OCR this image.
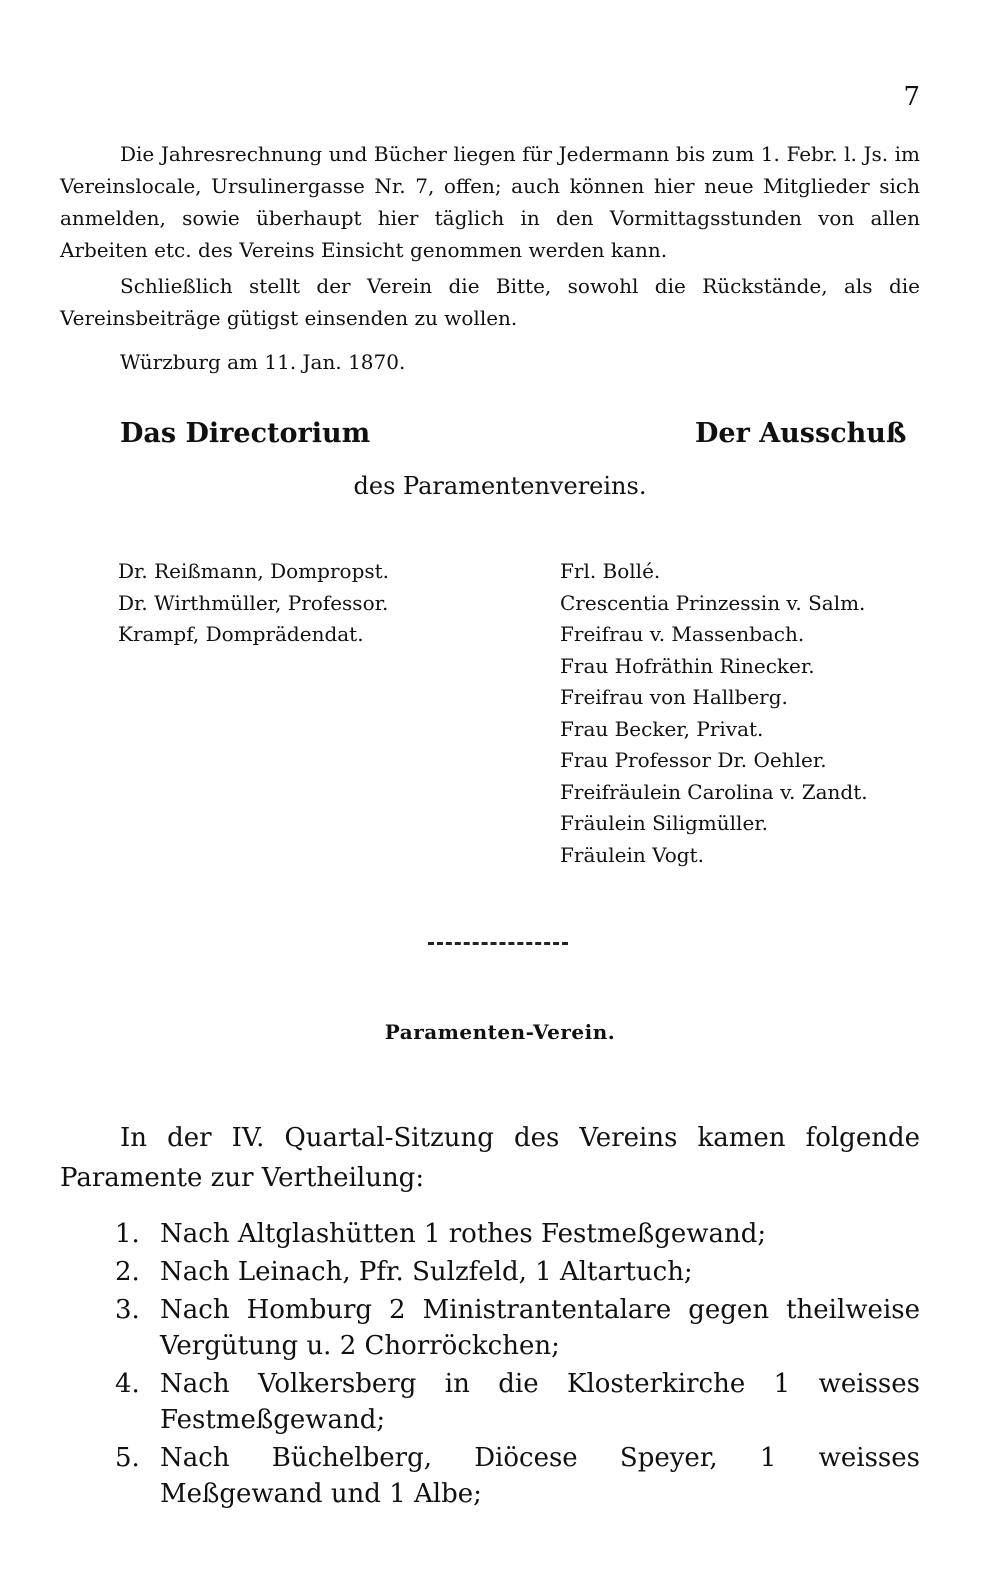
7

Die Jahresrechnung und Bücher liegen für Jedermann bis zum 1. Febr. l. Js. im Vereinslocale, Ursulinergasse Nr. 7, offen; auch können hier neue Mitglieder sich anmelden, sowie überhaupt hier täglich in den Vormittagsstunden von allen Arbeiten etc. des Vereins Einsicht genommen werden kann.

Schließlich stellt der Verein die Bitte, sowohl die Rückstände, als die Vereinsbeiträge gütigst einsenden zu wollen.

Würzburg am 11. Jan. 1870.

Das Directorium	Der Ausschuß
des Paramentenvereins.
Dr. Reißmann, Dompropst.
Dr. Wirthmüller, Professor.
Krampf, Domprädendat.
Frl. Bollé.
Crescentia Prinzessin v. Salm.
Freifrau v. Massenbach.
Frau Hofräthin Rinecker.
Freifrau von Hallberg.
Frau Becker, Privat.
Frau Professor Dr. Oehler.
Freifräulein Carolina v. Zandt.
Fräulein Siligmüller.
Fräulein Vogt.
Paramenten-Verein.

In der IV. Quartal-Sitzung des Vereins kamen folgende Paramente zur Vertheilung:

1. Nach Altglashütten 1 rothes Festmeßgewand;
2. Nach Leinach, Pfr. Sulzfeld, 1 Altartuch;
3. Nach Homburg 2 Ministrantentalare gegen theilweise Vergütung u. 2 Chorröckchen;
4. Nach Volkersberg in die Klosterkirche 1 weisses Festmeßgewand;
5. Nach Büchelberg, Diöcese Speyer, 1 weisses Meßgewand und 1 Albe;
